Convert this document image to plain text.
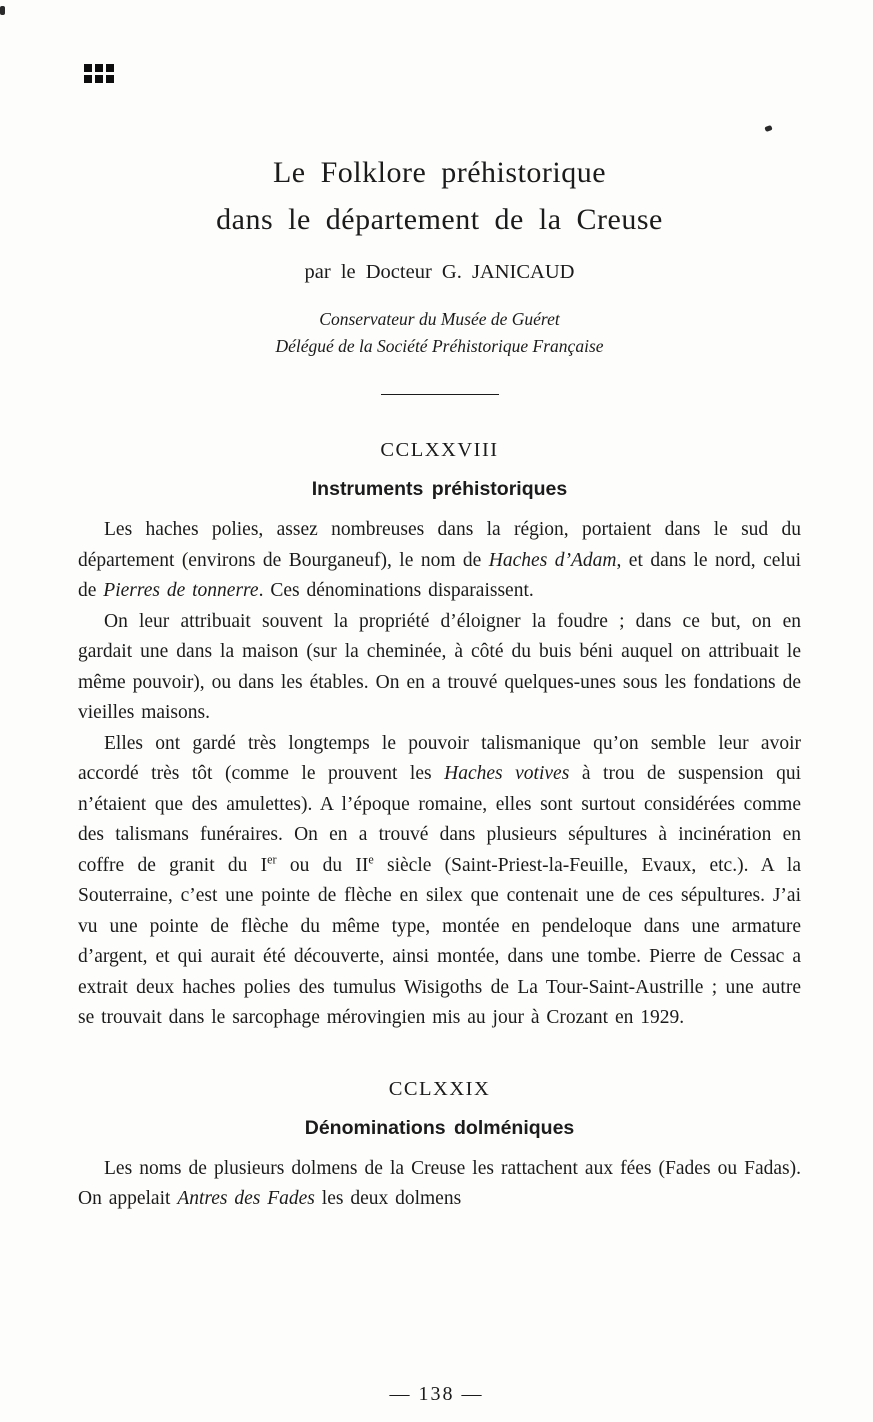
Le Folklore préhistorique
dans le département de la Creuse
par le Docteur G. JANICAUD
Conservateur du Musée de Guéret
Délégué de la Société Préhistorique Française
CCLXXVIII
Instruments préhistoriques

Les haches polies, assez nombreuses dans la région, portaient dans le sud du département (environs de Bourganeuf), le nom de Haches d’Adam, et dans le nord, celui de Pierres de tonnerre. Ces dénominations disparaissent.

On leur attribuait souvent la propriété d’éloigner la foudre ; dans ce but, on en gardait une dans la maison (sur la cheminée, à côté du buis béni auquel on attribuait le même pouvoir), ou dans les étables. On en a trouvé quelques-unes sous les fondations de vieilles maisons.

Elles ont gardé très longtemps le pouvoir talismanique qu’on semble leur avoir accordé très tôt (comme le prouvent les Haches votives à trou de suspension qui n’étaient que des amulettes). A l’époque romaine, elles sont surtout considérées comme des talismans funéraires. On en a trouvé dans plusieurs sépultures à incinération en coffre de granit du Ier ou du IIe siècle (Saint-Priest-la-Feuille, Evaux, etc.). A la Souterraine, c’est une pointe de flèche en silex que contenait une de ces sépultures. J’ai vu une pointe de flèche du même type, montée en pendeloque dans une armature d’argent, et qui aurait été découverte, ainsi montée, dans une tombe. Pierre de Cessac a extrait deux haches polies des tumulus Wisigoths de La Tour-Saint-Austrille ; une autre se trouvait dans le sarcophage mérovingien mis au jour à Crozant en 1929.

CCLXXIX
Dénominations dolméniques

Les noms de plusieurs dolmens de la Creuse les rattachent aux fées (Fades ou Fadas). On appelait Antres des Fades les deux dolmens

— 138 —
